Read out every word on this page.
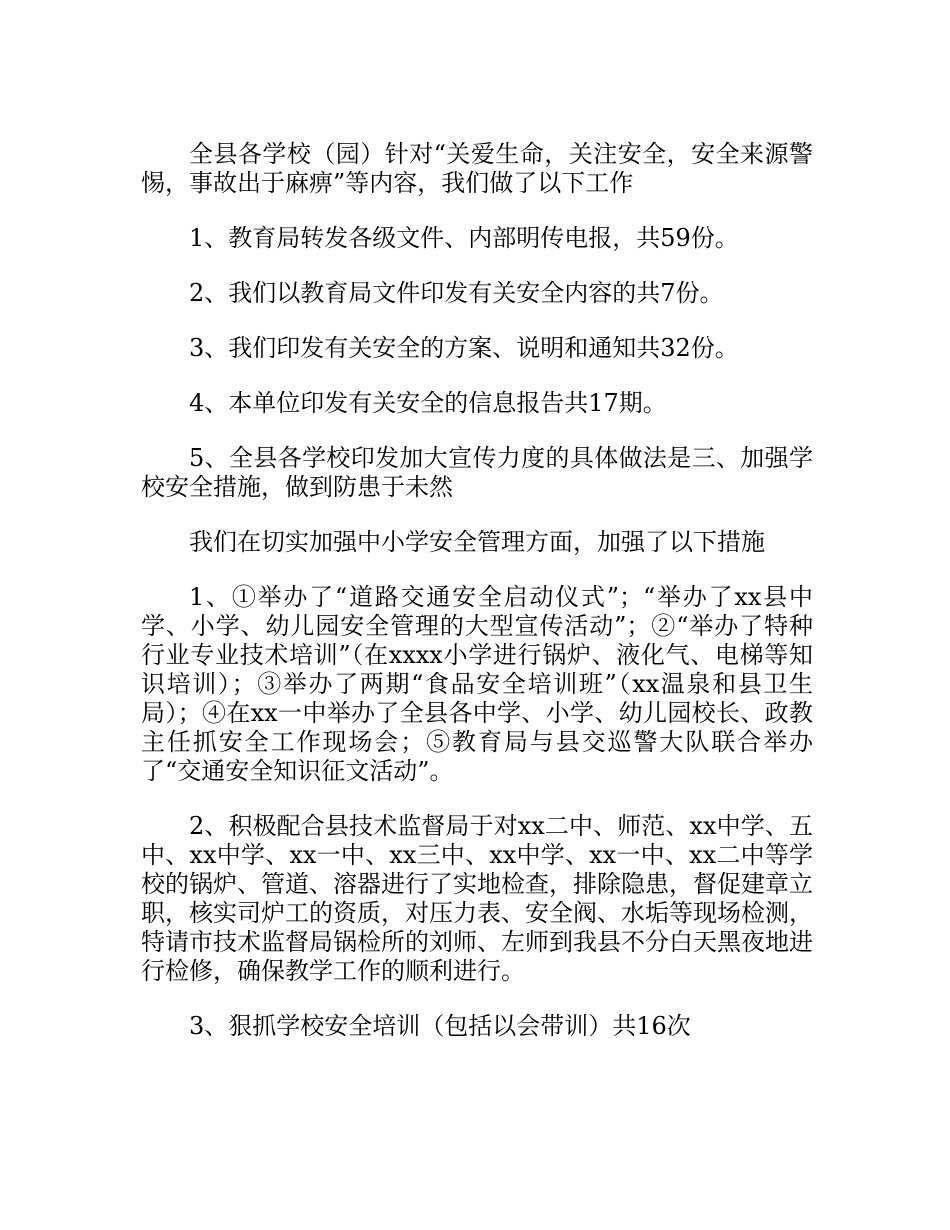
全县各学校（园）针对“关爱生命，关注安全，安全来源警惕，事故出于麻痹”等内容，我们做了以下工作

1、教育局转发各级文件、内部明传电报，共59份。

2、我们以教育局文件印发有关安全内容的共7份。

3、我们印发有关安全的方案、说明和通知共32份。

4、本单位印发有关安全的信息报告共17期。

5、全县各学校印发加大宣传力度的具体做法是三、加强学校安全措施，做到防患于未然

我们在切实加强中小学安全管理方面，加强了以下措施

1、①举办了“道路交通安全启动仪式”；“举办了xx县中学、小学、幼儿园安全管理的大型宣传活动”；②“举办了特种行业专业技术培训”（在xxxx小学进行锅炉、液化气、电梯等知识培训）；③举办了两期“食品安全培训班”（xx温泉和县卫生局）；④在xx一中举办了全县各中学、小学、幼儿园校长、政教主任抓安全工作现场会；⑤教育局与县交巡警大队联合举办了“交通安全知识征文活动”。

2、积极配合县技术监督局于对xx二中、师范、xx中学、五中、xx中学、xx一中、xx三中、xx中学、xx一中、xx二中等学校的锅炉、管道、溶器进行了实地检查，排除隐患，督促建章立职，核实司炉工的资质，对压力表、安全阀、水垢等现场检测，特请市技术监督局锅检所的刘师、左师到我县不分白天黑夜地进行检修，确保教学工作的顺利进行。

3、狠抓学校安全培训（包括以会带训）共16次
